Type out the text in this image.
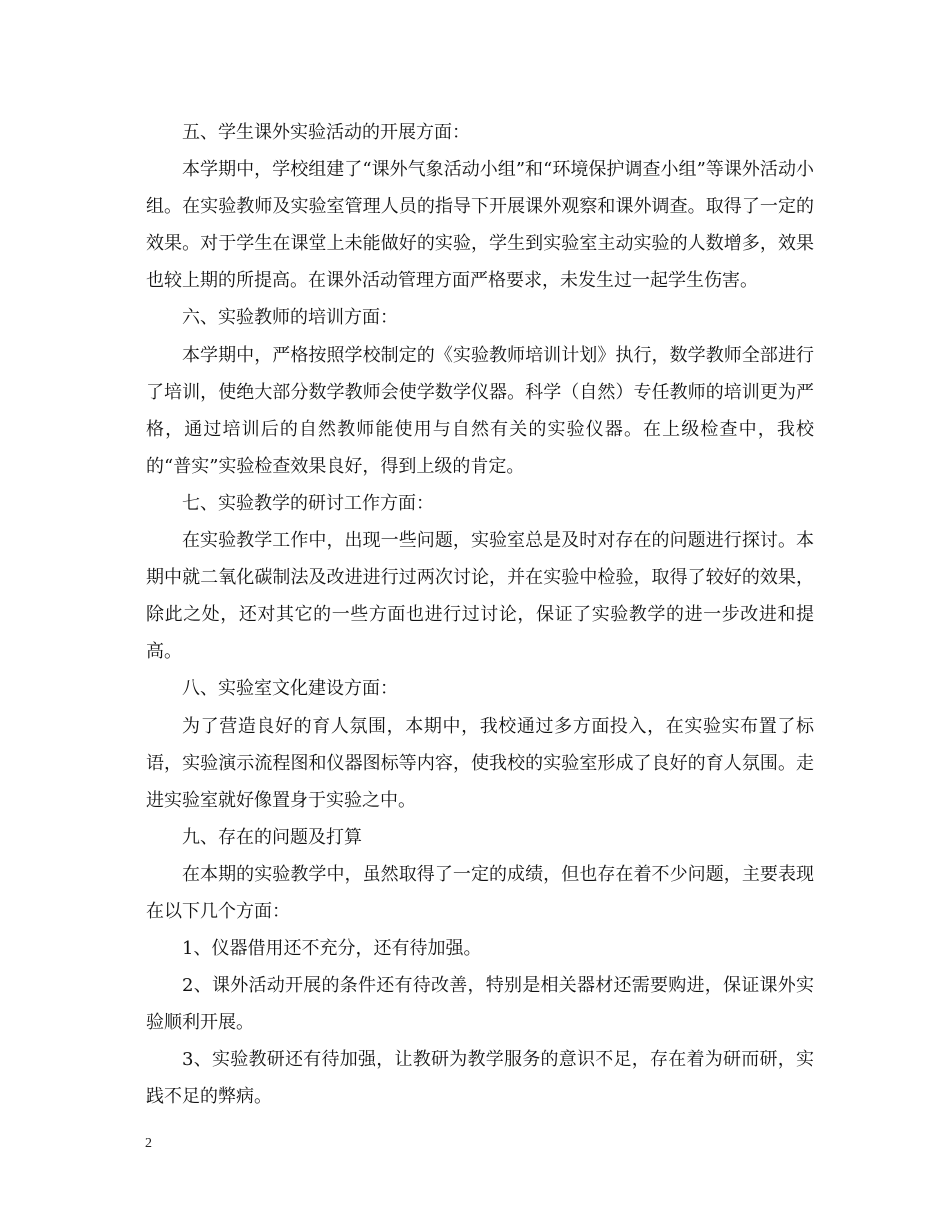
五、学生课外实验活动的开展方面：

本学期中，学校组建了“课外气象活动小组”和“环境保护调查小组”等课外活动小组。在实验教师及实验室管理人员的指导下开展课外观察和课外调查。取得了一定的效果。对于学生在课堂上未能做好的实验，学生到实验室主动实验的人数增多，效果也较上期的所提高。在课外活动管理方面严格要求，未发生过一起学生伤害。

六、实验教师的培训方面：

本学期中，严格按照学校制定的《实验教师培训计划》执行，数学教师全部进行了培训，使绝大部分数学教师会使学数学仪器。科学（自然）专任教师的培训更为严格，通过培训后的自然教师能使用与自然有关的实验仪器。在上级检查中，我校的“普实”实验检查效果良好，得到上级的肯定。

七、实验教学的研讨工作方面：

在实验教学工作中，出现一些问题，实验室总是及时对存在的问题进行探讨。本期中就二氧化碳制法及改进进行过两次讨论，并在实验中检验，取得了较好的效果，除此之处，还对其它的一些方面也进行过讨论，保证了实验教学的进一步改进和提高。

八、实验室文化建设方面：

为了营造良好的育人氛围，本期中，我校通过多方面投入，在实验实布置了标语，实验演示流程图和仪器图标等内容，使我校的实验室形成了良好的育人氛围。走进实验室就好像置身于实验之中。

九、存在的问题及打算

在本期的实验教学中，虽然取得了一定的成绩，但也存在着不少问题，主要表现在以下几个方面：

1、仪器借用还不充分，还有待加强。

2、课外活动开展的条件还有待改善，特别是相关器材还需要购进，保证课外实验顺利开展。

3、实验教研还有待加强，让教研为教学服务的意识不足，存在着为研而研，实践不足的弊病。

2
